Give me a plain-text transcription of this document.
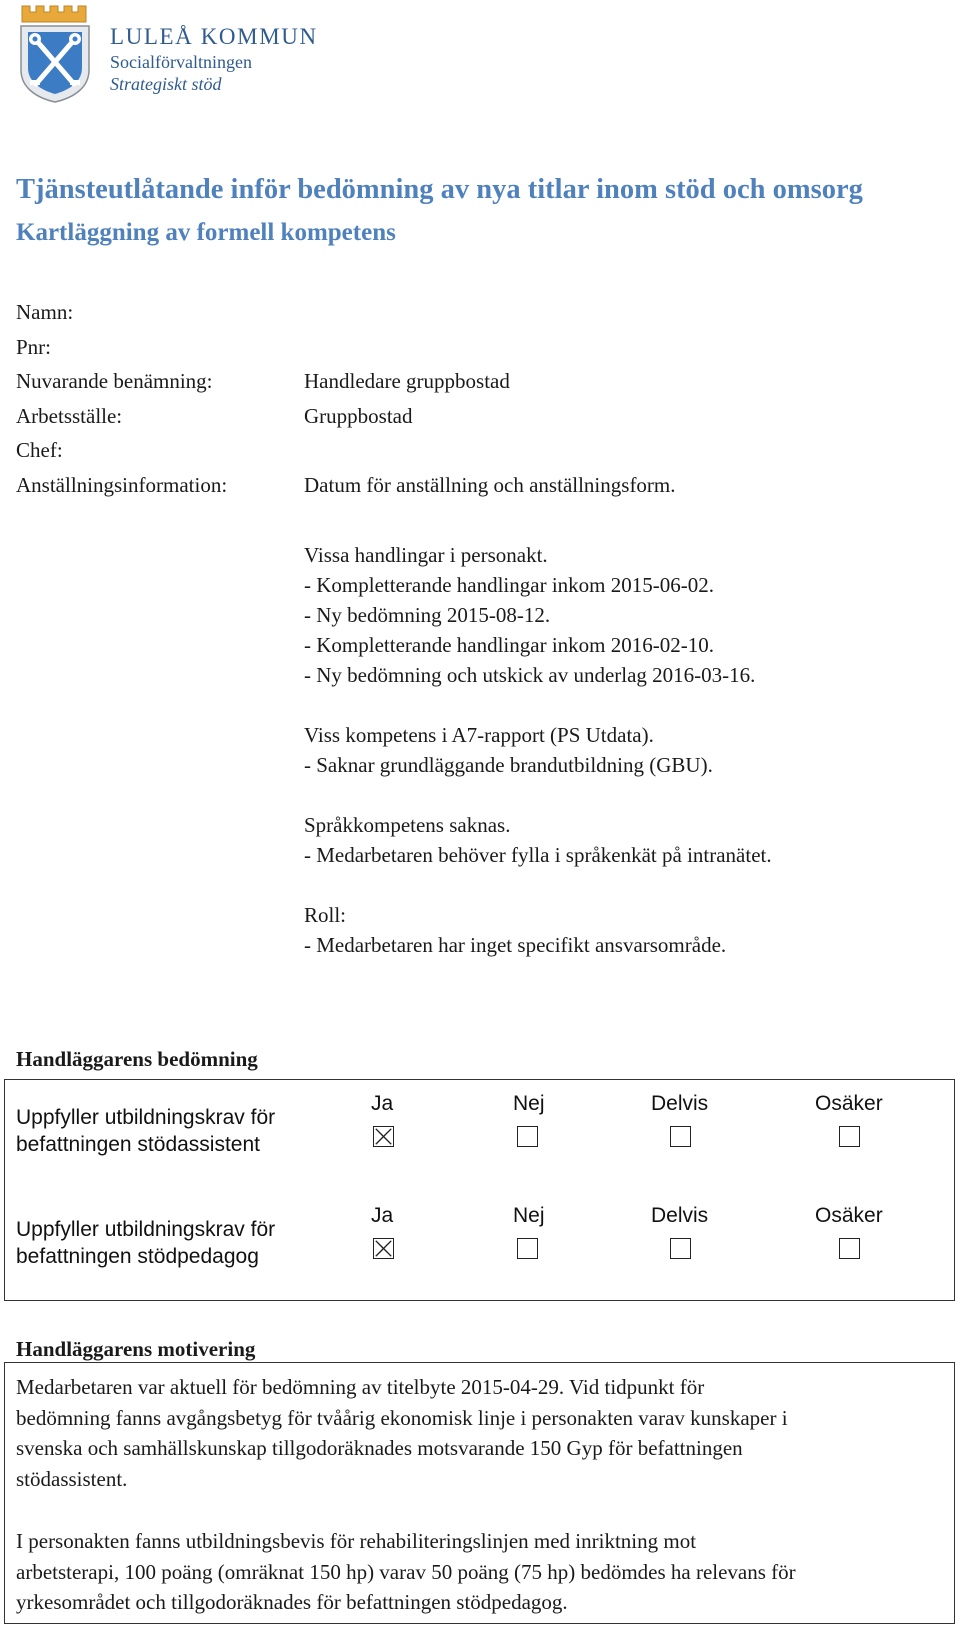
LULEÅ KOMMUN
Socialförvaltningen
Strategiskt stöd
Tjänsteutlåtande inför bedömning av nya titlar inom stöd och omsorg
Kartläggning av formell kompetens
Namn:
Pnr:
Nuvarande benämning:	Handledare gruppbostad
Arbetsställe:	Gruppbostad
Chef:
Anställningsinformation:	Datum för anställning och anställningsform.
Vissa handlingar i personakt.
- Kompletterande handlingar inkom 2015-06-02.
- Ny bedömning 2015-08-12.
- Kompletterande handlingar inkom 2016-02-10.
- Ny bedömning och utskick av underlag 2016-03-16.
Viss kompetens i A7-rapport (PS Utdata).
- Saknar grundläggande brandutbildning (GBU).
Språkkompetens saknas.
- Medarbetaren behöver fylla i språkenkät på intranätet.
Roll:
- Medarbetaren har inget specifikt ansvarsområde.
Handläggarens bedömning
Uppfyller utbildningskrav för
befattningen stödassistent
Ja	Nej	Delvis	Osäker
Uppfyller utbildningskrav för
befattningen stödpedagog
Ja	Nej	Delvis	Osäker
Handläggarens motivering
Medarbetaren var aktuell för bedömning av titelbyte 2015-04-29. Vid tidpunkt för
bedömning fanns avgångsbetyg för tvåårig ekonomisk linje i personakten varav kunskaper i
svenska och samhällskunskap tillgodoräknades motsvarande 150 Gyp för befattningen
stödassistent.
I personakten fanns utbildningsbevis för rehabiliteringslinjen med inriktning mot
arbetsterapi, 100 poäng (omräknat 150 hp) varav 50 poäng (75 hp) bedömdes ha relevans för
yrkesområdet och tillgodoräknades för befattningen stödpedagog.
